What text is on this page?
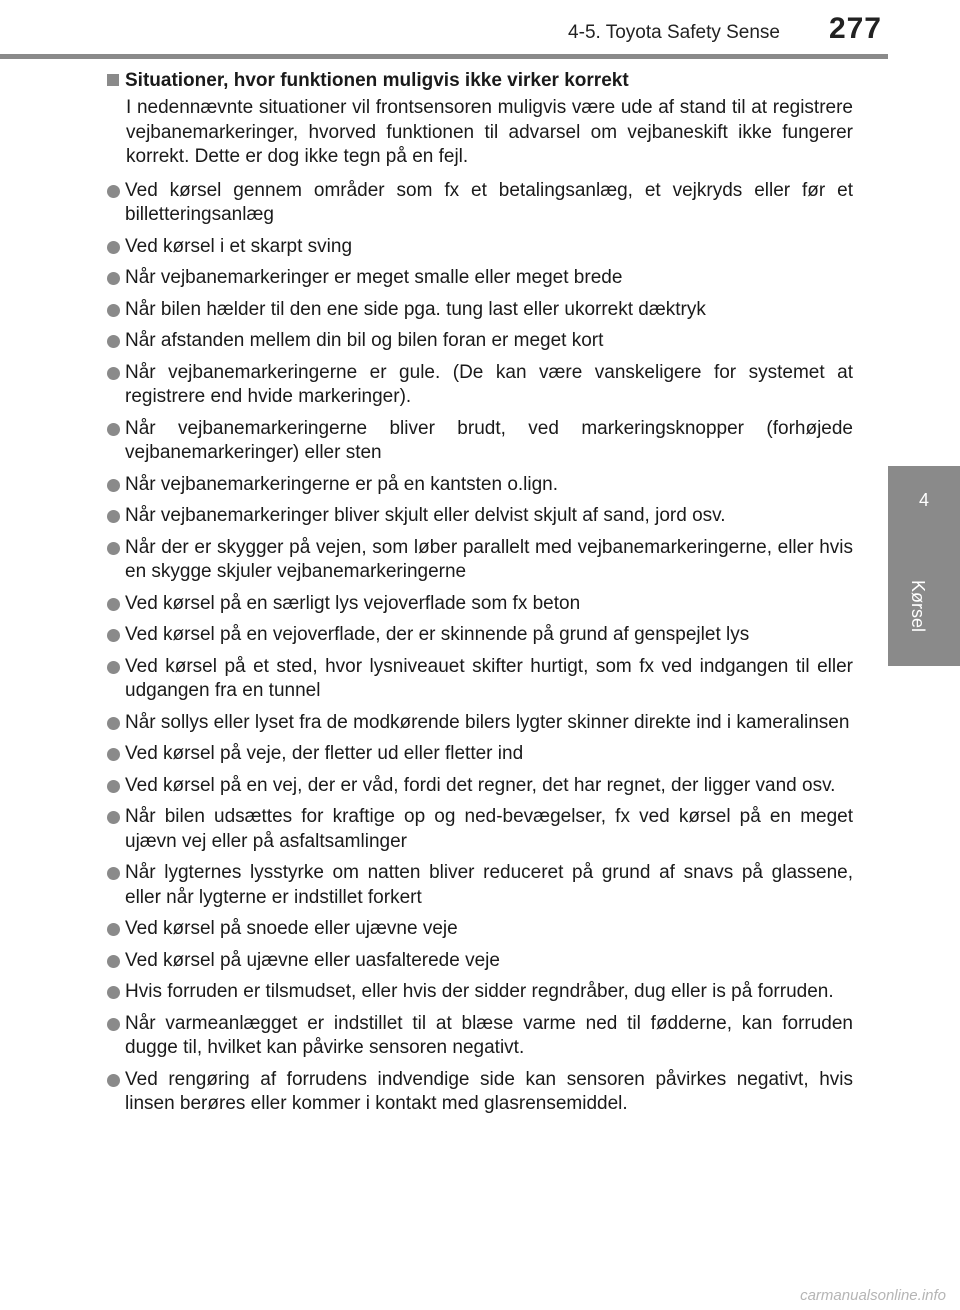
4-5. Toyota Safety Sense 277
4
Kørsel
Situationer, hvor funktionen muligvis ikke virker korrekt
I nedennævnte situationer vil frontsensoren muligvis være ude af stand til at registrere vejbanemarkeringer, hvorved funktionen til advarsel om vejbaneskift ikke fungerer korrekt. Dette er dog ikke tegn på en fejl.
Ved kørsel gennem områder som fx et betalingsanlæg, et vejkryds eller før et billetteringsanlæg
Ved kørsel i et skarpt sving
Når vejbanemarkeringer er meget smalle eller meget brede
Når bilen hælder til den ene side pga. tung last eller ukorrekt dæktryk
Når afstanden mellem din bil og bilen foran er meget kort
Når vejbanemarkeringerne er gule. (De kan være vanskeligere for systemet at registrere end hvide markeringer).
Når vejbanemarkeringerne bliver brudt, ved markeringsknopper (forhøjede vejbanemarkeringer) eller sten
Når vejbanemarkeringerne er på en kantsten o.lign.
Når vejbanemarkeringer bliver skjult eller delvist skjult af sand, jord osv.
Når der er skygger på vejen, som løber parallelt med vejbanemarkeringerne, eller hvis en skygge skjuler vejbanemarkeringerne
Ved kørsel på en særligt lys vejoverflade som fx beton
Ved kørsel på en vejoverflade, der er skinnende på grund af genspejlet lys
Ved kørsel på et sted, hvor lysniveauet skifter hurtigt, som fx ved indgangen til eller udgangen fra en tunnel
Når sollys eller lyset fra de modkørende bilers lygter skinner direkte ind i kameralinsen
Ved kørsel på veje, der fletter ud eller fletter ind
Ved kørsel på en vej, der er våd, fordi det regner, det har regnet, der ligger vand osv.
Når bilen udsættes for kraftige op og ned-bevægelser, fx ved kørsel på en meget ujævn vej eller på asfaltsamlinger
Når lygternes lysstyrke om natten bliver reduceret på grund af snavs på glassene, eller når lygterne er indstillet forkert
Ved kørsel på snoede eller ujævne veje
Ved kørsel på ujævne eller uasfalterede veje
Hvis forruden er tilsmudset, eller hvis der sidder regndråber, dug eller is på forruden.
Når varmeanlægget er indstillet til at blæse varme ned til fødderne, kan forruden dugge til, hvilket kan påvirke sensoren negativt.
Ved rengøring af forrudens indvendige side kan sensoren påvirkes negativt, hvis linsen berøres eller kommer i kontakt med glasrensemiddel.
carmanualsonline.info
